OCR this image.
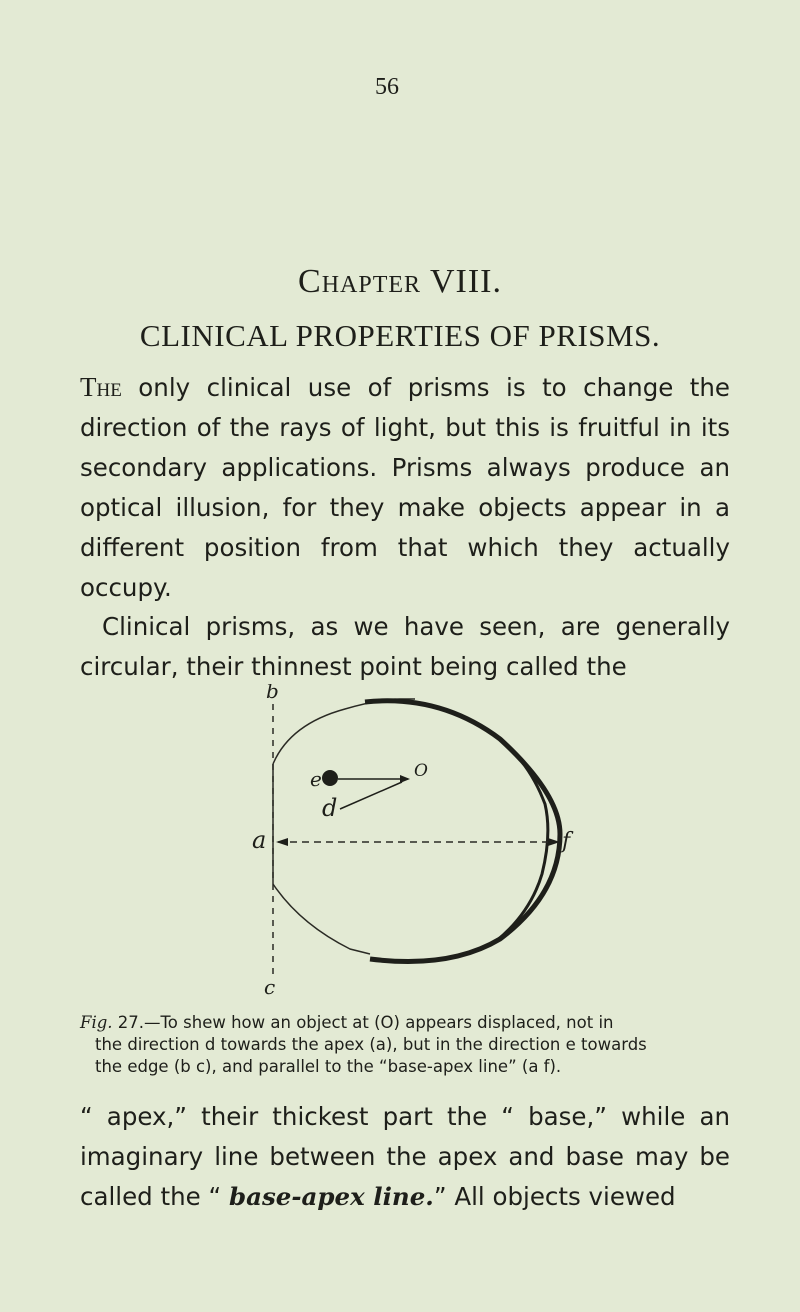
56
Chapter VIII.
CLINICAL PROPERTIES OF PRISMS.

The only clinical use of prisms is to change the direction of the rays of light, but this is fruitful in its secondary applications. Prisms always produce an optical illusion, for they make objects appear in a different position from that which they actually occupy.

Clinical prisms, as we have seen, are generally circular, their thinnest point being called the

b
O
e
d
a	f
c
Fig. 27.—To shew how an object at (O) appears displaced, not in
the direction d towards the apex (a), but in the direction e towards
the edge (b c), and parallel to the “base-apex line” (a f).

“ apex,” their thickest part the “ base,” while an imaginary line between the apex and base may be called the “ base-apex line.” All objects viewed
